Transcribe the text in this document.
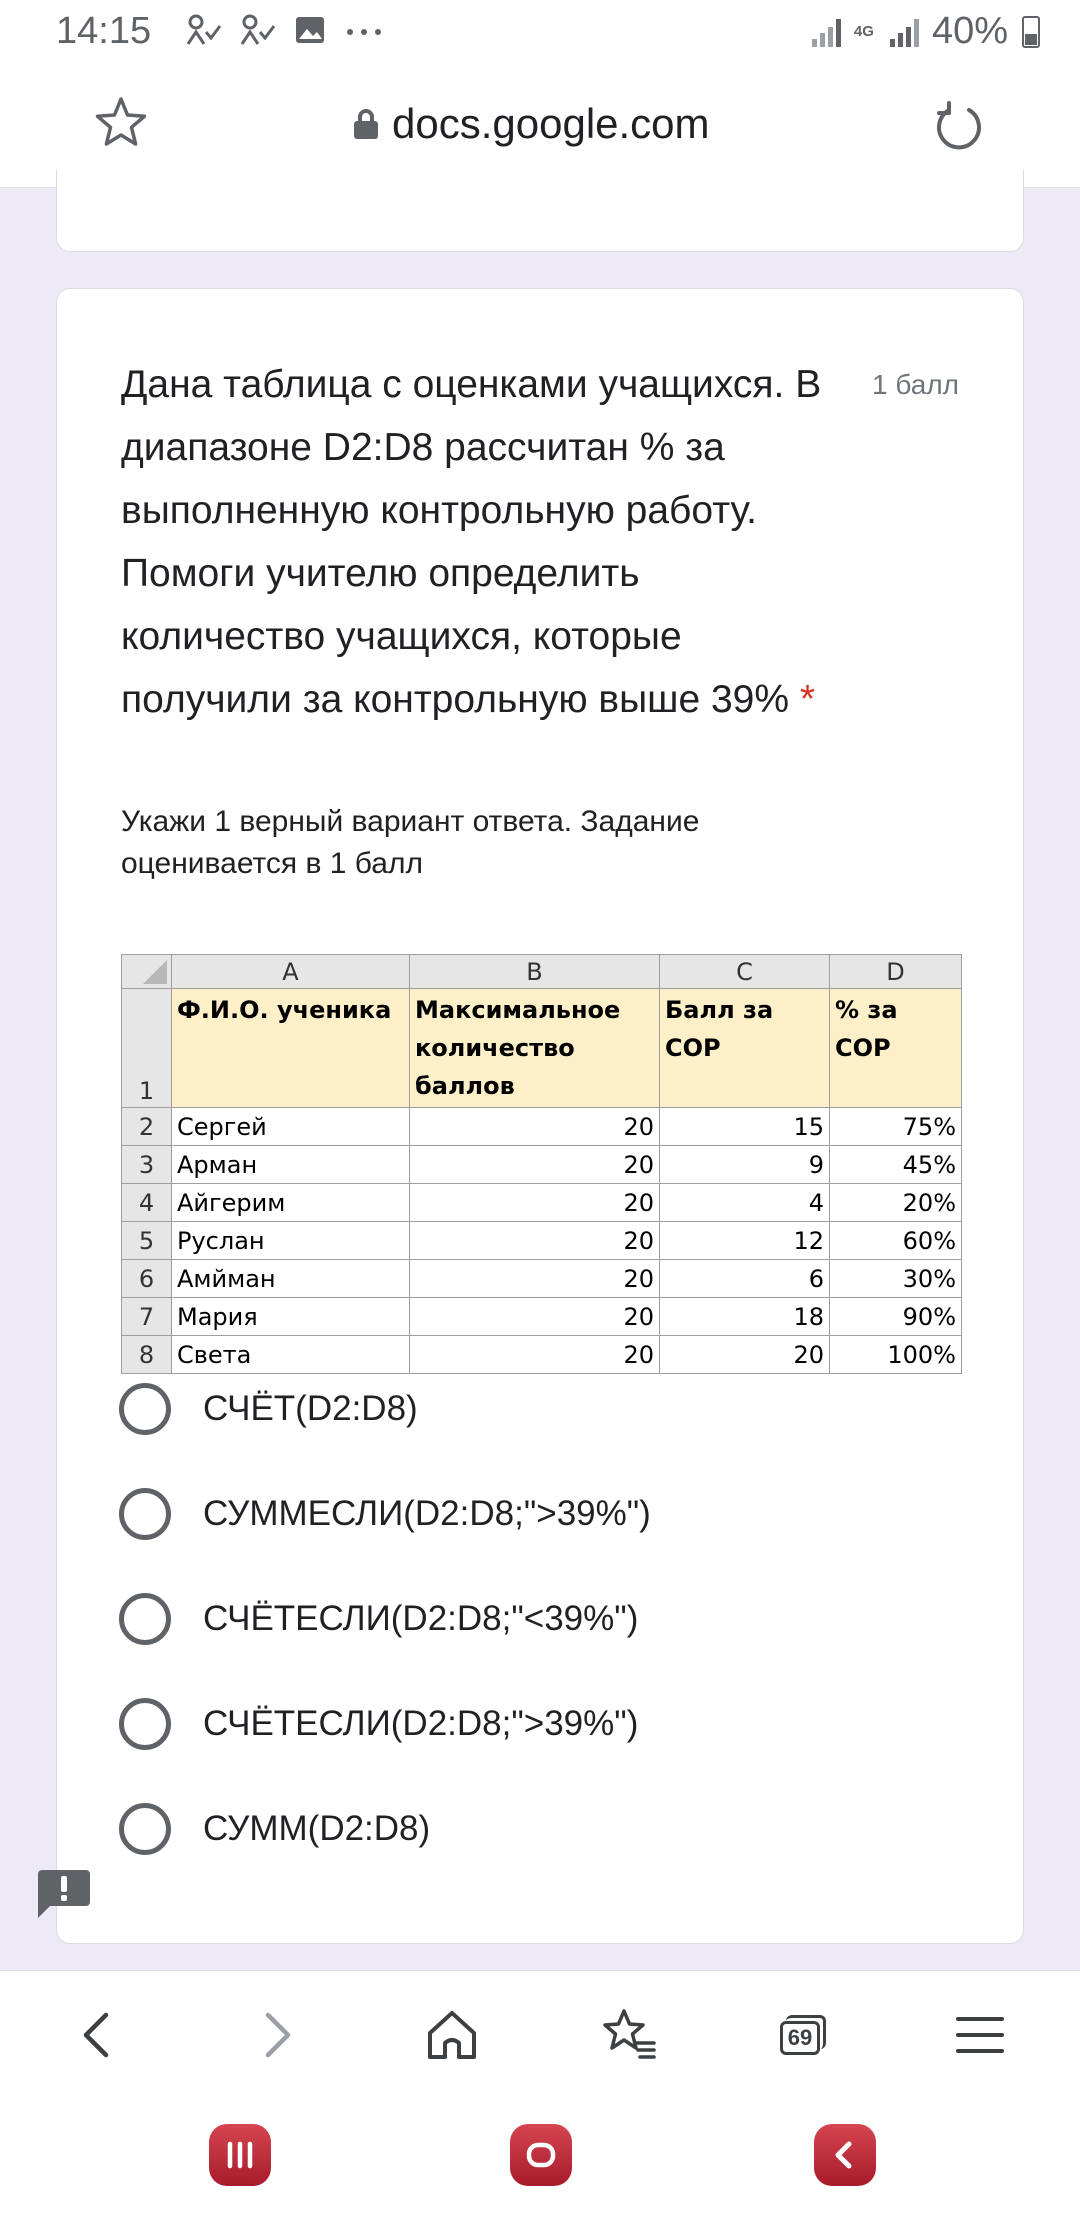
14:15	4G 40%
docs.google.com
Дана таблица с оценками учащихся. В диапазоне D2:D8 рассчитан % за выполненную контрольную работу. Помоги учителю определить количество учащихся, которые получили за контрольную выше 39% *
1 балл
Укажи 1 верный вариант ответа. Задание оценивается в 1 балл
	A	B	C	D
1	Ф.И.О. ученика	Максимальное количество баллов	Балл за СОР	% за СОР
2	Сергей	20	15	75%
3	Арман	20	9	45%
4	Айгерим	20	4	20%
5	Руслан	20	12	60%
6	Амйман	20	6	30%
7	Мария	20	18	90%
8	Света	20	20	100%
СЧЁТ(D2:D8)
СУММЕСЛИ(D2:D8;">39%")
СЧЁТЕСЛИ(D2:D8;"<39%")
СЧЁТЕСЛИ(D2:D8;">39%")
СУММ(D2:D8)
69
